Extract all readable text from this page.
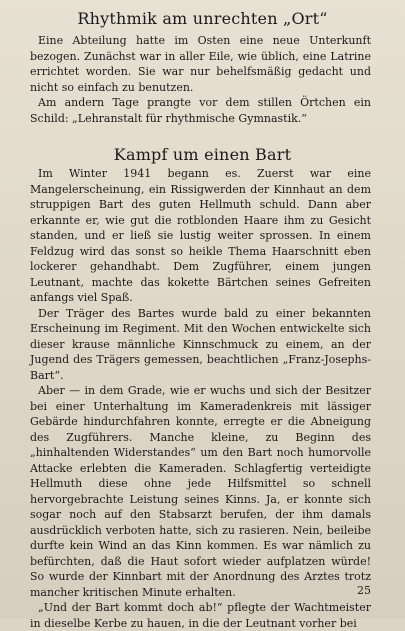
Rhythmik am unrechten „Ort“

Eine Abteilung hatte im Osten eine neue Unterkunft bezogen. Zunächst war in aller Eile, wie üblich, eine Latrine errichtet worden. Sie war nur behelfsmäßig gedacht und nicht so einfach zu benutzen.

Am andern Tage prangte vor dem stillen Örtchen ein Schild: „Lehranstalt für rhythmische Gymnastik.“

Kampf um einen Bart

Im Winter 1941 begann es. Zuerst war eine Mangelerscheinung, ein Rissigwerden der Kinnhaut an dem struppigen Bart des guten Hellmuth schuld. Dann aber erkannte er, wie gut die rotblonden Haare ihm zu Gesicht standen, und er ließ sie lustig weiter sprossen. In einem Feldzug wird das sonst so heikle Thema Haarschnitt eben lockerer gehandhabt. Dem Zugführer, einem jungen Leutnant, machte das kokette Bärtchen seines Gefreiten anfangs viel Spaß.

Der Träger des Bartes wurde bald zu einer bekannten Erscheinung im Regiment. Mit den Wochen entwickelte sich dieser krause männliche Kinnschmuck zu einem, an der Jugend des Trägers gemessen, beachtlichen „Franz-Josephs-Bart“.

Aber — in dem Grade, wie er wuchs und sich der Besitzer bei einer Unterhaltung im Kameradenkreis mit lässiger Gebärde hindurchfahren konnte, erregte er die Abneigung des Zugführers. Manche kleine, zu Beginn des „hinhaltenden Widerstandes“ um den Bart noch humorvolle Attacke erlebten die Kameraden. Schlagfertig verteidigte Hellmuth diese ohne jede Hilfsmittel so schnell hervorgebrachte Leistung seines Kinns. Ja, er konnte sich sogar noch auf den Stabsarzt berufen, der ihm damals ausdrücklich verboten hatte, sich zu rasieren. Nein, beileibe durfte kein Wind an das Kinn kommen. Es war nämlich zu befürchten, daß die Haut sofort wieder aufplatzen würde! So wurde der Kinnbart mit der Anordnung des Arztes trotz mancher kritischen Minute erhalten.

„Und der Bart kommt doch ab!“ pflegte der Wachtmeister in dieselbe Kerbe zu hauen, in die der Leutnant vorher bei

25
